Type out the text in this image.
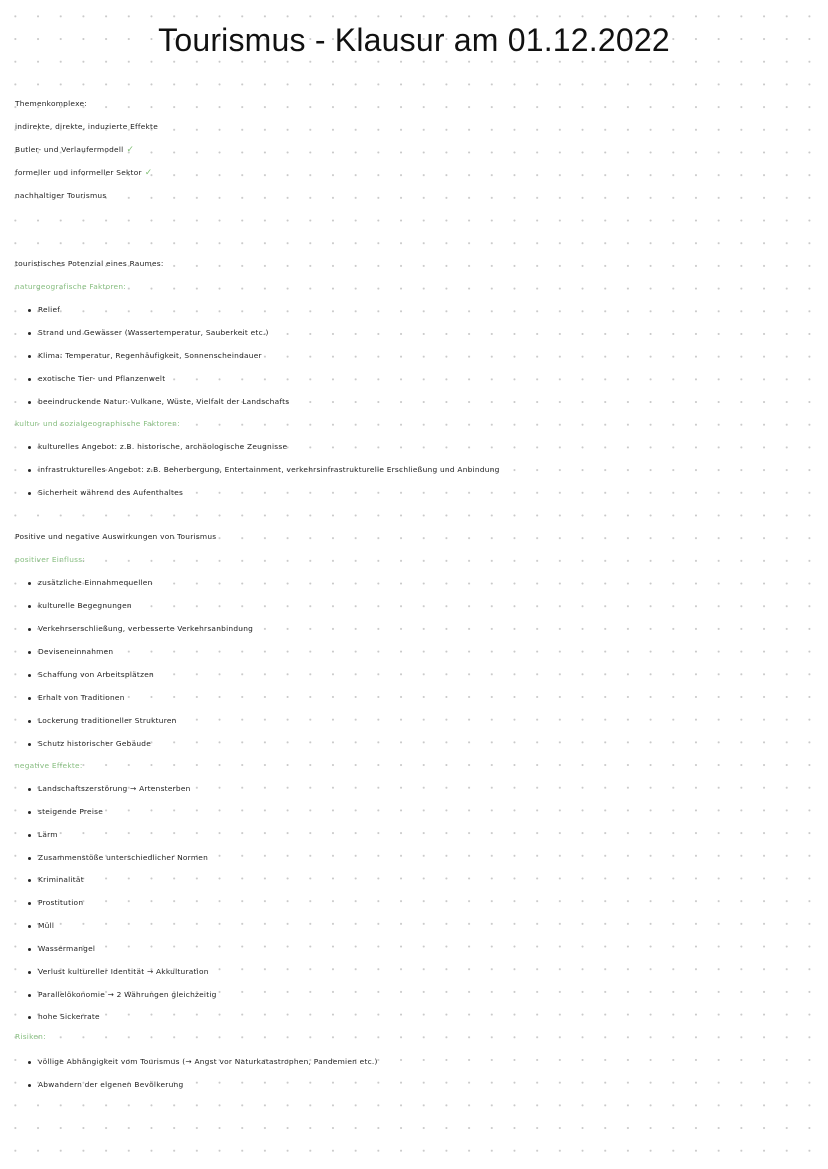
Tourismus - Klausur am 01.12.2022
Themenkomplexe:
indirekte, direkte, induzierte Effekte
Butler- und Verlaufermodell ✓
formeller und informeller Sektor ✓
nachhaltiger Tourismus
touristisches Potenzial eines Raumes:
naturgeografische Faktoren:
Relief
Strand und Gewässer (Wassertemperatur, Sauberkeit etc.)
Klima: Temperatur, Regenhäufigkeit, Sonnenscheindauer
exotische Tier- und Pflanzenwelt
beeindruckende Natur: Vulkane, Wüste, Vielfalt der Landschafts
kultur- und sozialgeographische Faktoren:
kulturelles Angebot: z.B. historische, archäologische Zeugnisse
infrastrukturelles Angebot: z.B. Beherbergung, Entertainment, verkehrsinfrastrukturelle Erschließung und Anbindung
Sicherheit während des Aufenthaltes
Positive und negative Auswirkungen von Tourismus
positiver Einfluss:
zusätzliche Einnahmequellen
kulturelle Begegnungen
Verkehrserschließung, verbesserte Verkehrsanbindung
Deviseneinnahmen
Schaffung von Arbeitsplätzen
Erhalt von Traditionen
Lockerung traditioneller Strukturen
Schutz historischer Gebäude
negative Effekte:
Landschaftszerstörung → Artensterben
steigende Preise
Lärm
Zusammenstöße unterschiedlicher Normen
Kriminalität
Prostitution
Müll
Wassermangel
Verlust kultureller Identität → Akkulturation
Parallelökonomie → 2 Währungen gleichzeitig
hohe Sickerrate
Risiken:
völlige Abhängigkeit vom Tourismus (→ Angst vor Naturkatastrophen, Pandemien etc.)
Abwandern der eigenen Bevölkerung
